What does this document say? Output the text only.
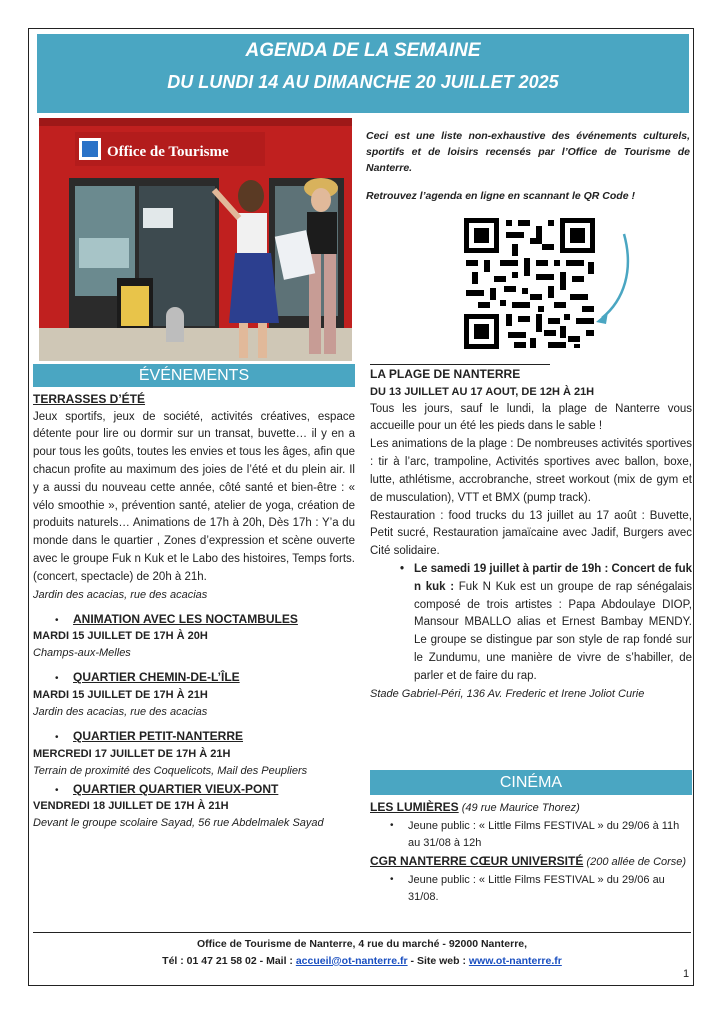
AGENDA DE LA SEMAINE
DU LUNDI 14 AU DIMANCHE 20 JUILLET 2025
Office de Tourisme

Ceci est une liste non-exhaustive des événements culturels, sportifs et de loisirs recensés par l’Office de Tourisme de Nanterre.

Retrouvez l’agenda en ligne en scannant le QR Code !

ÉVÉNEMENTS
TERRASSES D’ÉTÉ
Jeux sportifs, jeux de société, activités créatives, espace détente pour lire ou dormir sur un transat, buvette… il y en a pour tous les goûts, toutes les envies et tous les âges, afin que chacun profite au maximum des joies de l’été et du plein air. Il y a aussi du nouveau cette année, côté santé et bien-être : « vélo smoothie », prévention santé, atelier de yoga, création de produits naturels… Animations de 17h à 20h, Dès 17h : Y’a du monde dans le quartier , Zones d’expression et scène ouverte avec le groupe Fuk n Kuk et le Labo des histoires, Temps forts. (concert, spectacle) de 20h à 21h.
Jardin des acacias, rue des acacias
•	ANIMATION AVEC LES NOCTAMBULES
MARDI 15 JUILLET DE 17H À 20H
Champs-aux-Melles
•	QUARTIER CHEMIN-DE-L’ÎLE
MARDI 15 JUILLET DE 17H À 21H
Jardin des acacias, rue des acacias
•	QUARTIER PETIT-NANTERRE
MERCREDI 17 JUILLET DE 17H À 21H
Terrain de proximité des Coquelicots, Mail des Peupliers
•	QUARTIER QUARTIER VIEUX-PONT
VENDREDI 18 JUILLET DE 17H À 21H
Devant le groupe scolaire Sayad, 56 rue Abdelmalek Sayad
LA PLAGE DE NANTERRE
DU 13 JUILLET AU 17 AOUT, DE 12H À 21H
Tous les jours, sauf le lundi, la plage de Nanterre vous accueille pour un été les pieds dans le sable !
Les animations de la plage : De nombreuses activités sportives : tir à l’arc, trampoline, Activités sportives avec ballon, boxe, lutte, athlétisme, accrobranche, street workout (mix de gym et de musculation), VTT et BMX (pump track).
Restauration : food trucks du 13 juillet au 17 août : Buvette, Petit sucré, Restauration jamaïcaine avec Jadif, Burgers avec Cité solidaire.
• Le samedi 19 juillet à partir de 19h : Concert de fuk n kuk : Fuk N Kuk est un groupe de rap sénégalais composé de trois artistes : Papa Abdoulaye DIOP, Mansour MBALLO alias et Ernest Bambay MENDY. Le groupe se distingue par son style de rap fondé sur le Zundumu, une manière de vivre de s’habiller, de parler et de faire du rap.
Stade Gabriel-Péri, 136 Av. Frederic et Irene Joliot Curie
CINÉMA
LES LUMIÈRES (49 rue Maurice Thorez)
•	Jeune public : « Little Films FESTIVAL » du 29/06 à 11h au 31/08 à 12h
CGR NANTERRE CŒUR UNIVERSITÉ (200 allée de Corse)
•	Jeune public : « Little Films FESTIVAL » du 29/06 au 31/08.
Office de Tourisme de Nanterre, 4 rue du marché - 92000 Nanterre,
Tél : 01 47 21 58 02 - Mail : accueil@ot-nanterre.fr - Site web : www.ot-nanterre.fr
1
